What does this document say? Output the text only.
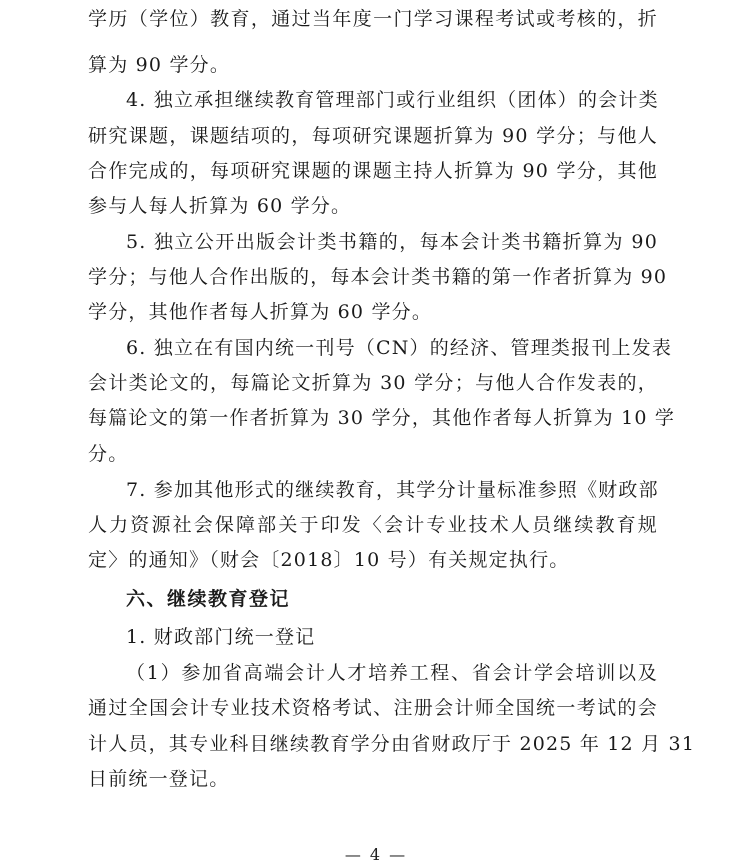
学历（学位）教育，通过当年度一门学习课程考试或考核的，折
算为 90 学分。
4. 独立承担继续教育管理部门或行业组织（团体）的会计类
研究课题，课题结项的，每项研究课题折算为 90 学分；与他人
合作完成的，每项研究课题的课题主持人折算为 90 学分，其他
参与人每人折算为 60 学分。
5. 独立公开出版会计类书籍的，每本会计类书籍折算为 90
学分；与他人合作出版的，每本会计类书籍的第一作者折算为 90
学分，其他作者每人折算为 60 学分。
6. 独立在有国内统一刊号（CN）的经济、管理类报刊上发表
会计类论文的，每篇论文折算为 30 学分；与他人合作发表的，
每篇论文的第一作者折算为 30 学分，其他作者每人折算为 10 学
分。
7. 参加其他形式的继续教育，其学分计量标准参照《财政部
人力资源社会保障部关于印发〈会计专业技术人员继续教育规
定〉的通知》（财会〔2018〕10 号）有关规定执行。
六、继续教育登记
1. 财政部门统一登记
（1）参加省高端会计人才培养工程、省会计学会培训以及
通过全国会计专业技术资格考试、注册会计师全国统一考试的会
计人员，其专业科目继续教育学分由省财政厅于 2025 年 12 月 31
日前统一登记。
— 4 —
